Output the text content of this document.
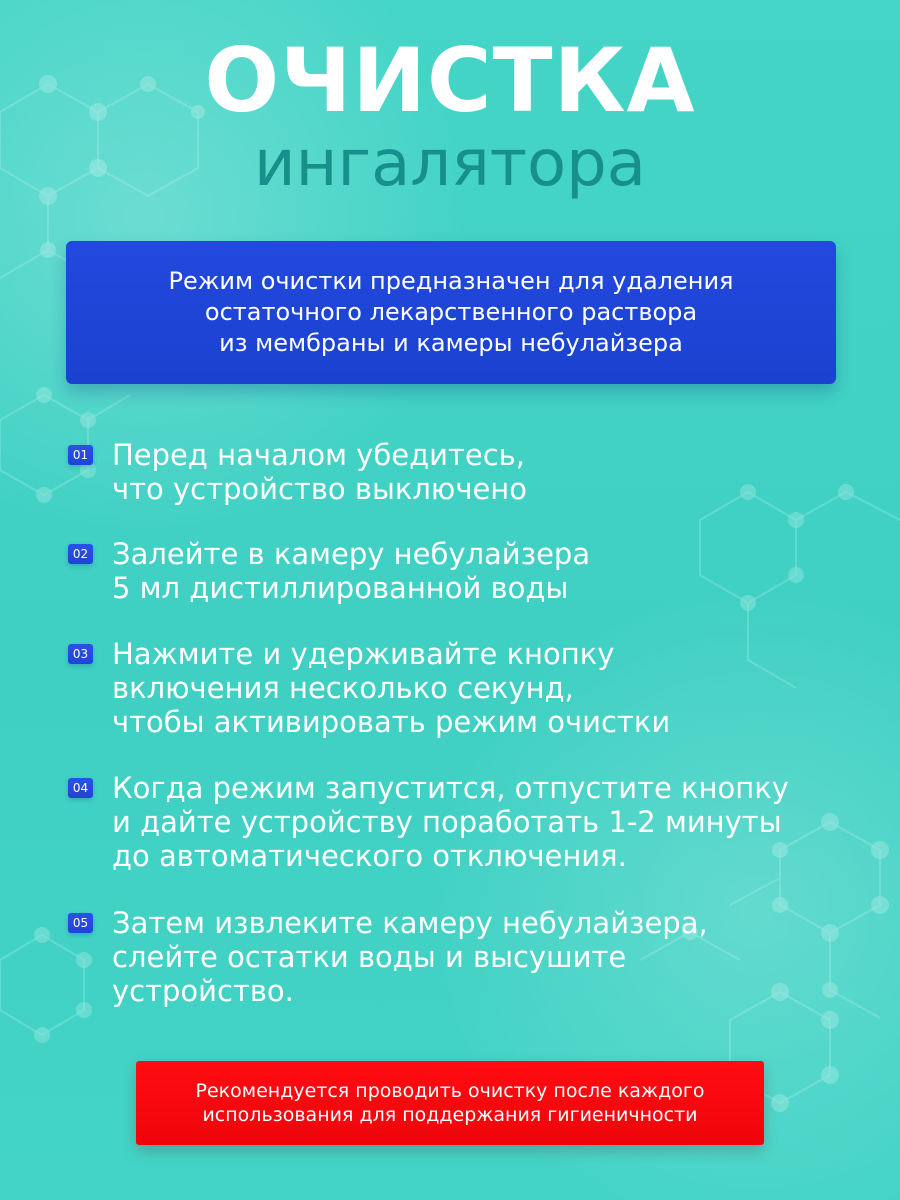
ОЧИСТКА
ингалятора
Режим очистки предназначен для удаления
остаточного лекарственного раствора
из мембраны и камеры небулайзера
01 Перед началом убедитесь,
что устройство выключено
02 Залейте в камеру небулайзера
5 мл дистиллированной воды
03 Нажмите и удерживайте кнопку
включения несколько секунд,
чтобы активировать режим очистки
04 Когда режим запустится, отпустите кнопку
и дайте устройству поработать 1-2 минуты
до автоматического отключения.
05 Затем извлеките камеру небулайзера,
слейте остатки воды и высушите
устройство.
Рекомендуется проводить очистку после каждого
использования для поддержания гигиеничности
